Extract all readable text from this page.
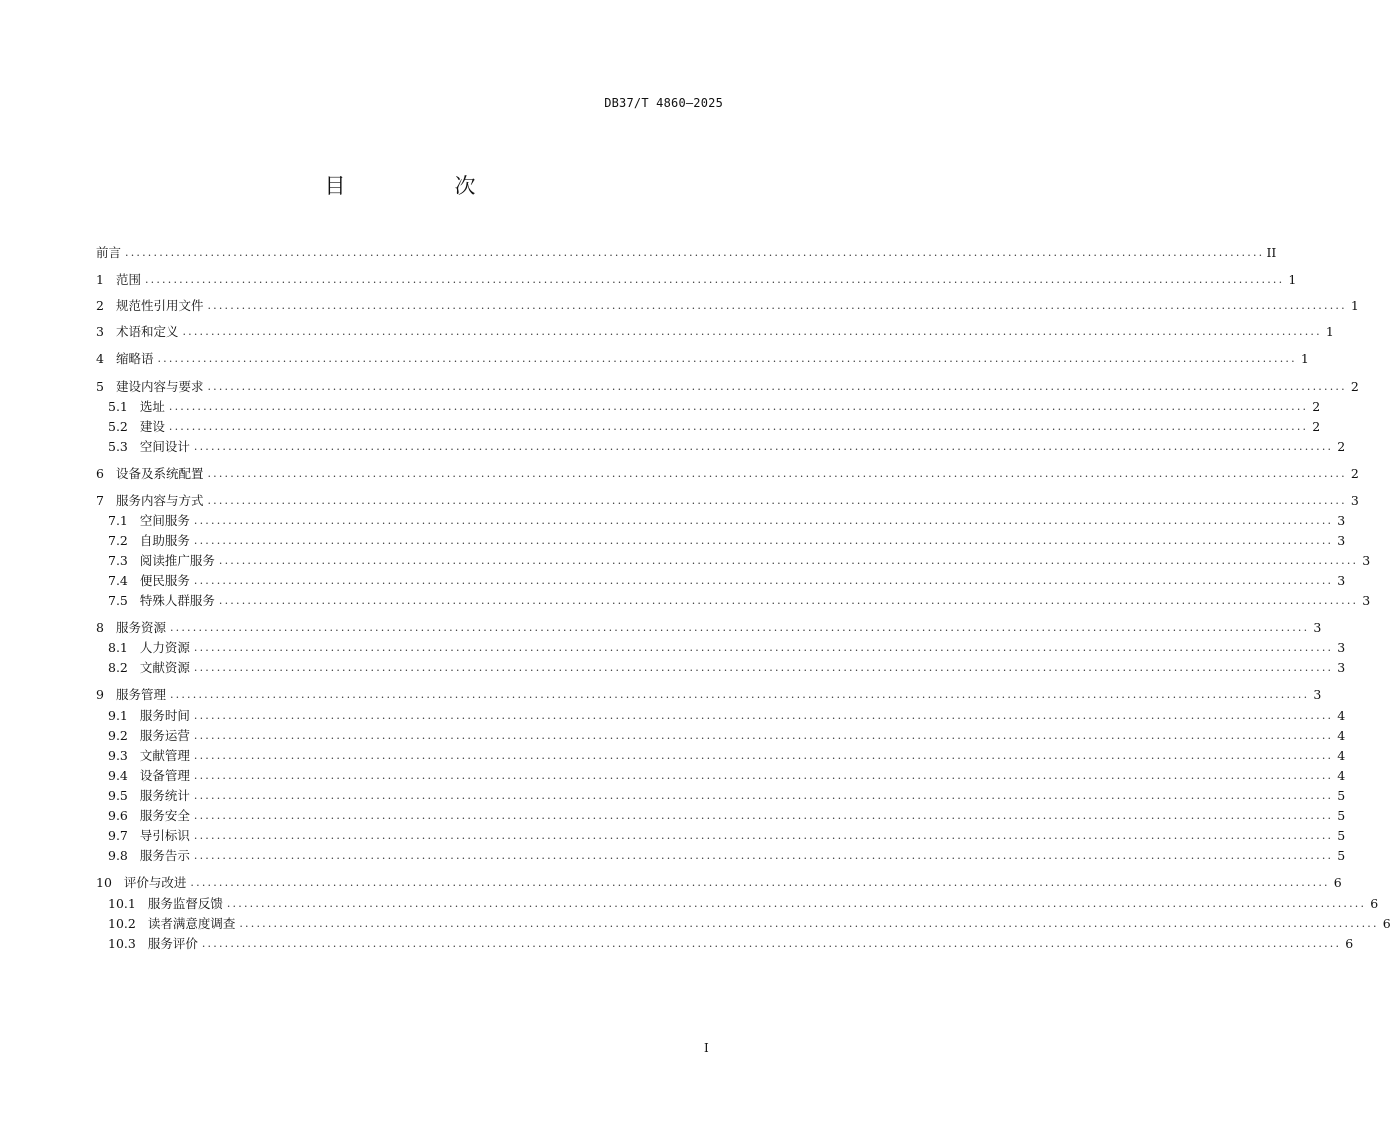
DB37/T 4860—2025
目　次
前言 ........................................................................................................................................................................................................ II
1 范围 ........................................................................................................................................................................................................ 1
2 规范性引用文件 ........................................................................................................................................................................................................ 1
3 术语和定义 ........................................................................................................................................................................................................ 1
4 缩略语 ........................................................................................................................................................................................................ 1
5 建设内容与要求 ........................................................................................................................................................................................................ 2
5.1 选址 ........................................................................................................................................................................................................ 2
5.2 建设 ........................................................................................................................................................................................................ 2
5.3 空间设计 ........................................................................................................................................................................................................ 2
6 设备及系统配置 ........................................................................................................................................................................................................ 2
7 服务内容与方式 ........................................................................................................................................................................................................ 3
7.1 空间服务 ........................................................................................................................................................................................................ 3
7.2 自助服务 ........................................................................................................................................................................................................ 3
7.3 阅读推广服务 ........................................................................................................................................................................................................ 3
7.4 便民服务 ........................................................................................................................................................................................................ 3
7.5 特殊人群服务 ........................................................................................................................................................................................................ 3
8 服务资源 ........................................................................................................................................................................................................ 3
8.1 人力资源 ........................................................................................................................................................................................................ 3
8.2 文献资源 ........................................................................................................................................................................................................ 3
9 服务管理 ........................................................................................................................................................................................................ 3
9.1 服务时间 ........................................................................................................................................................................................................ 4
9.2 服务运营 ........................................................................................................................................................................................................ 4
9.3 文献管理 ........................................................................................................................................................................................................ 4
9.4 设备管理 ........................................................................................................................................................................................................ 4
9.5 服务统计 ........................................................................................................................................................................................................ 5
9.6 服务安全 ........................................................................................................................................................................................................ 5
9.7 导引标识 ........................................................................................................................................................................................................ 5
9.8 服务告示 ........................................................................................................................................................................................................ 5
10 评价与改进 ........................................................................................................................................................................................................ 6
10.1 服务监督反馈 ........................................................................................................................................................................................................ 6
10.2 读者满意度调查 ........................................................................................................................................................................................................ 6
10.3 服务评价 ........................................................................................................................................................................................................ 6
I
